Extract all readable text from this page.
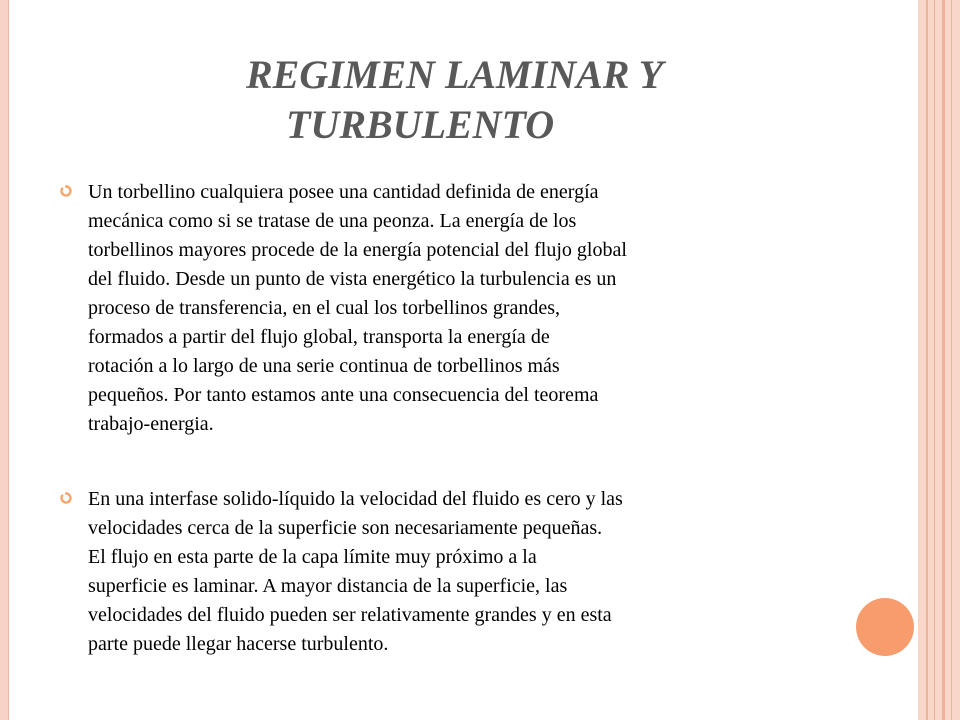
REGIMEN LAMINAR Y
TURBULENTO
Un torbellino cualquiera posee una cantidad definida de energía
mecánica como si se tratase de una peonza. La energía de los
torbellinos mayores procede de la energía potencial del flujo global
del fluido. Desde un punto de vista energético la turbulencia es un
proceso de transferencia, en el cual los torbellinos grandes,
formados a partir del flujo global, transporta la energía de
rotación a lo largo de una serie continua de torbellinos más
pequeños. Por tanto estamos ante una consecuencia del teorema
trabajo-energia.
En una interfase solido-líquido la velocidad del fluido es cero y las
velocidades cerca de la superficie son necesariamente pequeñas.
El flujo en esta parte de la capa límite muy próximo a la
superficie es laminar. A mayor distancia de la superficie, las
velocidades del fluido pueden ser relativamente grandes y en esta
parte puede llegar hacerse turbulento.
